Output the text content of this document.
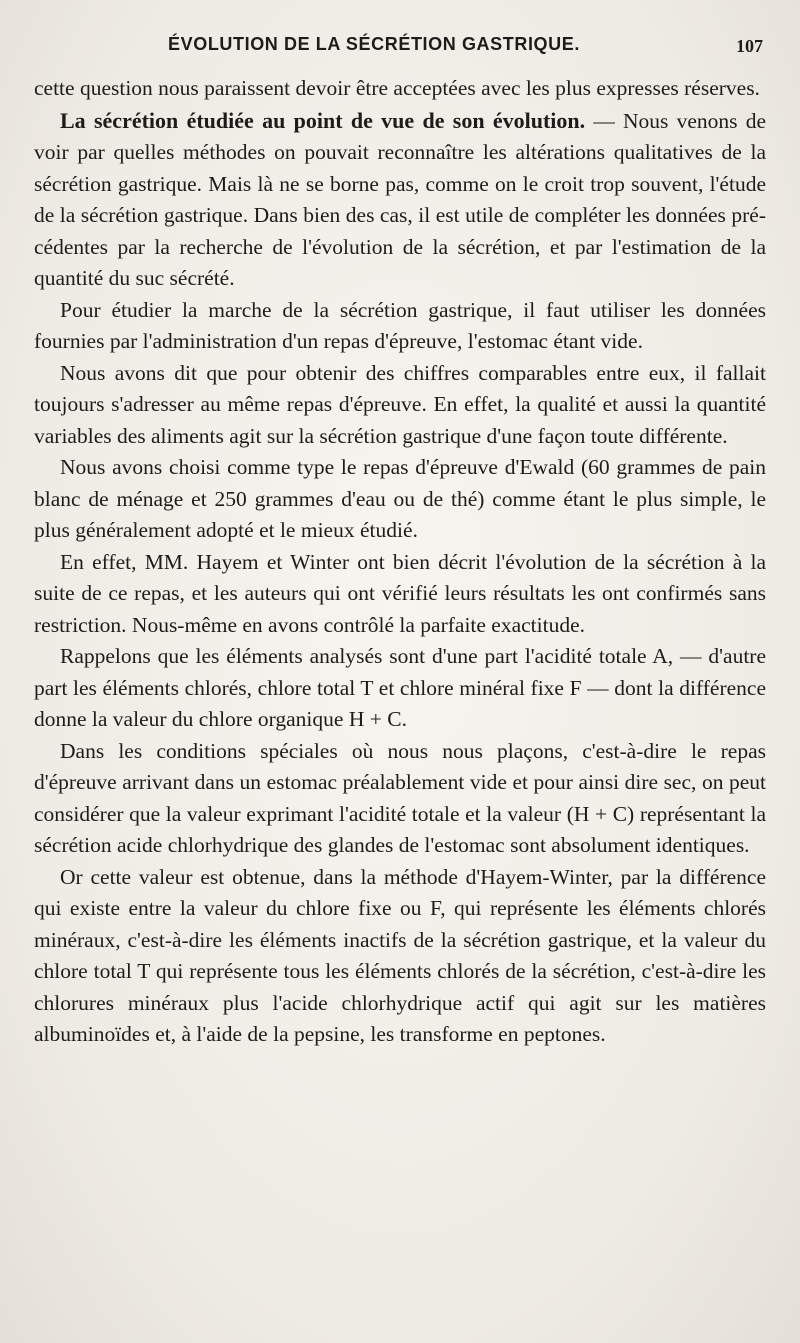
ÉVOLUTION DE LA SÉCRÉTION GASTRIQUE.	107

cette question nous paraissent devoir être acceptées avec les plus expresses réserves.

La sécrétion étudiée au point de vue de son évolution. — Nous venons de voir par quelles méthodes on pouvait reconnaître les altérations qualitatives de la sécrétion gastrique. Mais là ne se borne pas, comme on le croit trop souvent, l'étude de la sécrétion gastrique. Dans bien des cas, il est utile de compléter les données précédentes par la recherche de l'évolution de la sécrétion, et par l'estimation de la quantité du suc sécrété.

Pour étudier la marche de la sécrétion gastrique, il faut utiliser les données fournies par l'administration d'un repas d'épreuve, l'estomac étant vide.

Nous avons dit que pour obtenir des chiffres comparables entre eux, il fallait toujours s'adresser au même repas d'épreuve. En effet, la qualité et aussi la quantité variables des aliments agit sur la sécrétion gastrique d'une façon toute différente.

Nous avons choisi comme type le repas d'épreuve d'Ewald (60 grammes de pain blanc de ménage et 250 grammes d'eau ou de thé) comme étant le plus simple, le plus généralement adopté et le mieux étudié.

En effet, MM. Hayem et Winter ont bien décrit l'évolution de la sécrétion à la suite de ce repas, et les auteurs qui ont vérifié leurs résultats les ont confirmés sans restriction. Nous-même en avons contrôlé la parfaite exactitude.

Rappelons que les éléments analysés sont d'une part l'acidité totale A, — d'autre part les éléments chlorés, chlore total T et chlore minéral fixe F — dont la différence donne la valeur du chlore organique H + C.

Dans les conditions spéciales où nous nous plaçons, c'est-à-dire le repas d'épreuve arrivant dans un estomac préalablement vide et pour ainsi dire sec, on peut considérer que la valeur exprimant l'acidité totale et la valeur (H + C) représentant la sécrétion acide chlorhydrique des glandes de l'estomac sont absolument identiques.

Or cette valeur est obtenue, dans la méthode d'Hayem-Winter, par la différence qui existe entre la valeur du chlore fixe ou F, qui représente les éléments chlorés minéraux, c'est-à-dire les éléments inactifs de la sécrétion gastrique, et la valeur du chlore total T qui représente tous les éléments chlorés de la sécrétion, c'est-à-dire les chlorures minéraux plus l'acide chlorhydrique actif qui agit sur les matières albuminoïdes et, à l'aide de la pepsine, les transforme en peptones.
